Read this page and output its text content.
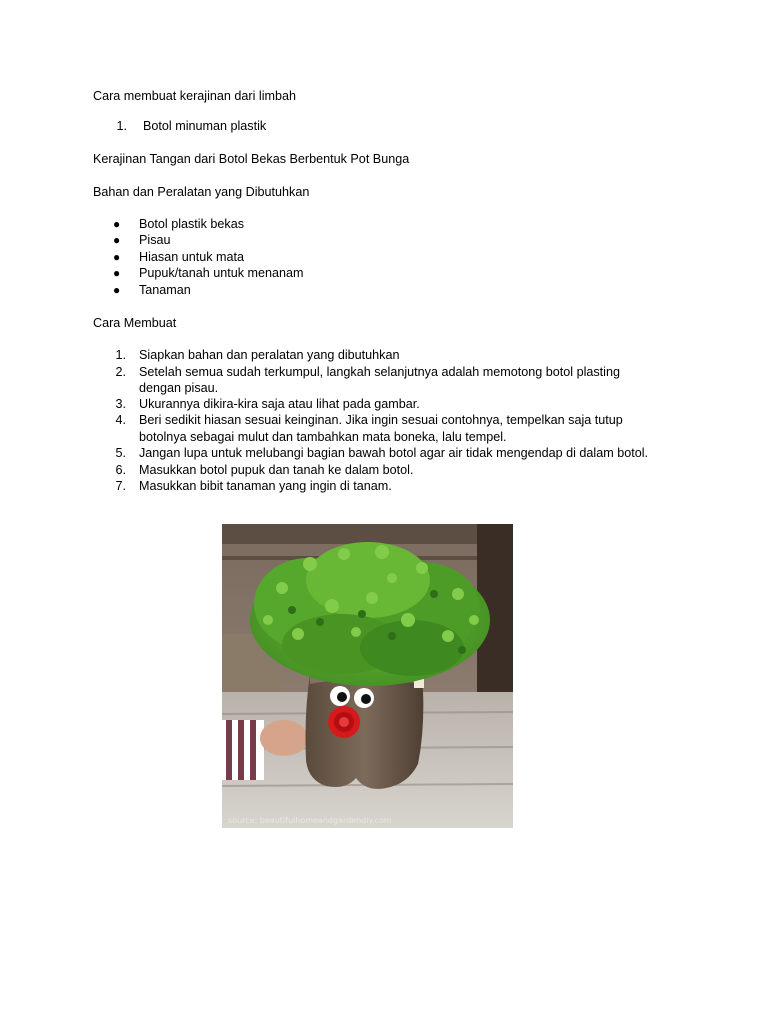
Cara membuat kerajinan dari limbah
1. Botol minuman plastik
Kerajinan Tangan dari Botol Bekas Berbentuk Pot Bunga
Bahan dan Peralatan yang Dibutuhkan
● Botol plastik bekas
● Pisau
● Hiasan untuk mata
● Pupuk/tanah untuk menanam
● Tanaman
Cara Membuat
1. Siapkan bahan dan peralatan yang dibutuhkan
2. Setelah semua sudah terkumpul, langkah selanjutnya adalah memotong botol plasting
dengan pisau.
3. Ukurannya dikira-kira saja atau lihat pada gambar.
4. Beri sedikit hiasan sesuai keinginan. Jika ingin sesuai contohnya, tempelkan saja tutup
botolnya sebagai mulut dan tambahkan mata boneka, lalu tempel.
5. Jangan lupa untuk melubangi bagian bawah botol agar air tidak mengendap di dalam botol.
6. Masukkan botol pupuk dan tanah ke dalam botol.
7. Masukkan bibit tanaman yang ingin di tanam.
source: beautifulhomeandgardendiy.com
